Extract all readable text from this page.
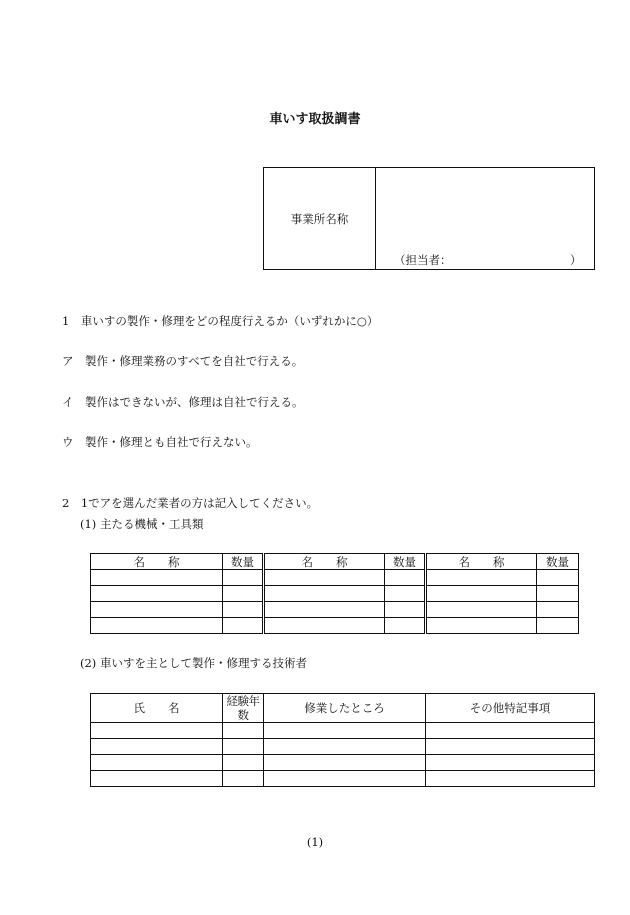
車いす取扱調書
事業所名称
（担当者：	）
1　車いすの製作・修理をどの程度行えるか（いずれかに○）
ア　製作・修理業務のすべてを自社で行える。
イ　製作はできないが、修理は自社で行える。
ウ　製作・修理とも自社で行えない。
2　1でアを選んだ業者の方は記入してください。
(1) 主たる機械・工具類
名　　称	数量	名　　称	数量	名　　称	数量

(2) 車いすを主として製作・修理する技術者
氏　　名	経験年数	修業したところ	その他特記事項

(1)
